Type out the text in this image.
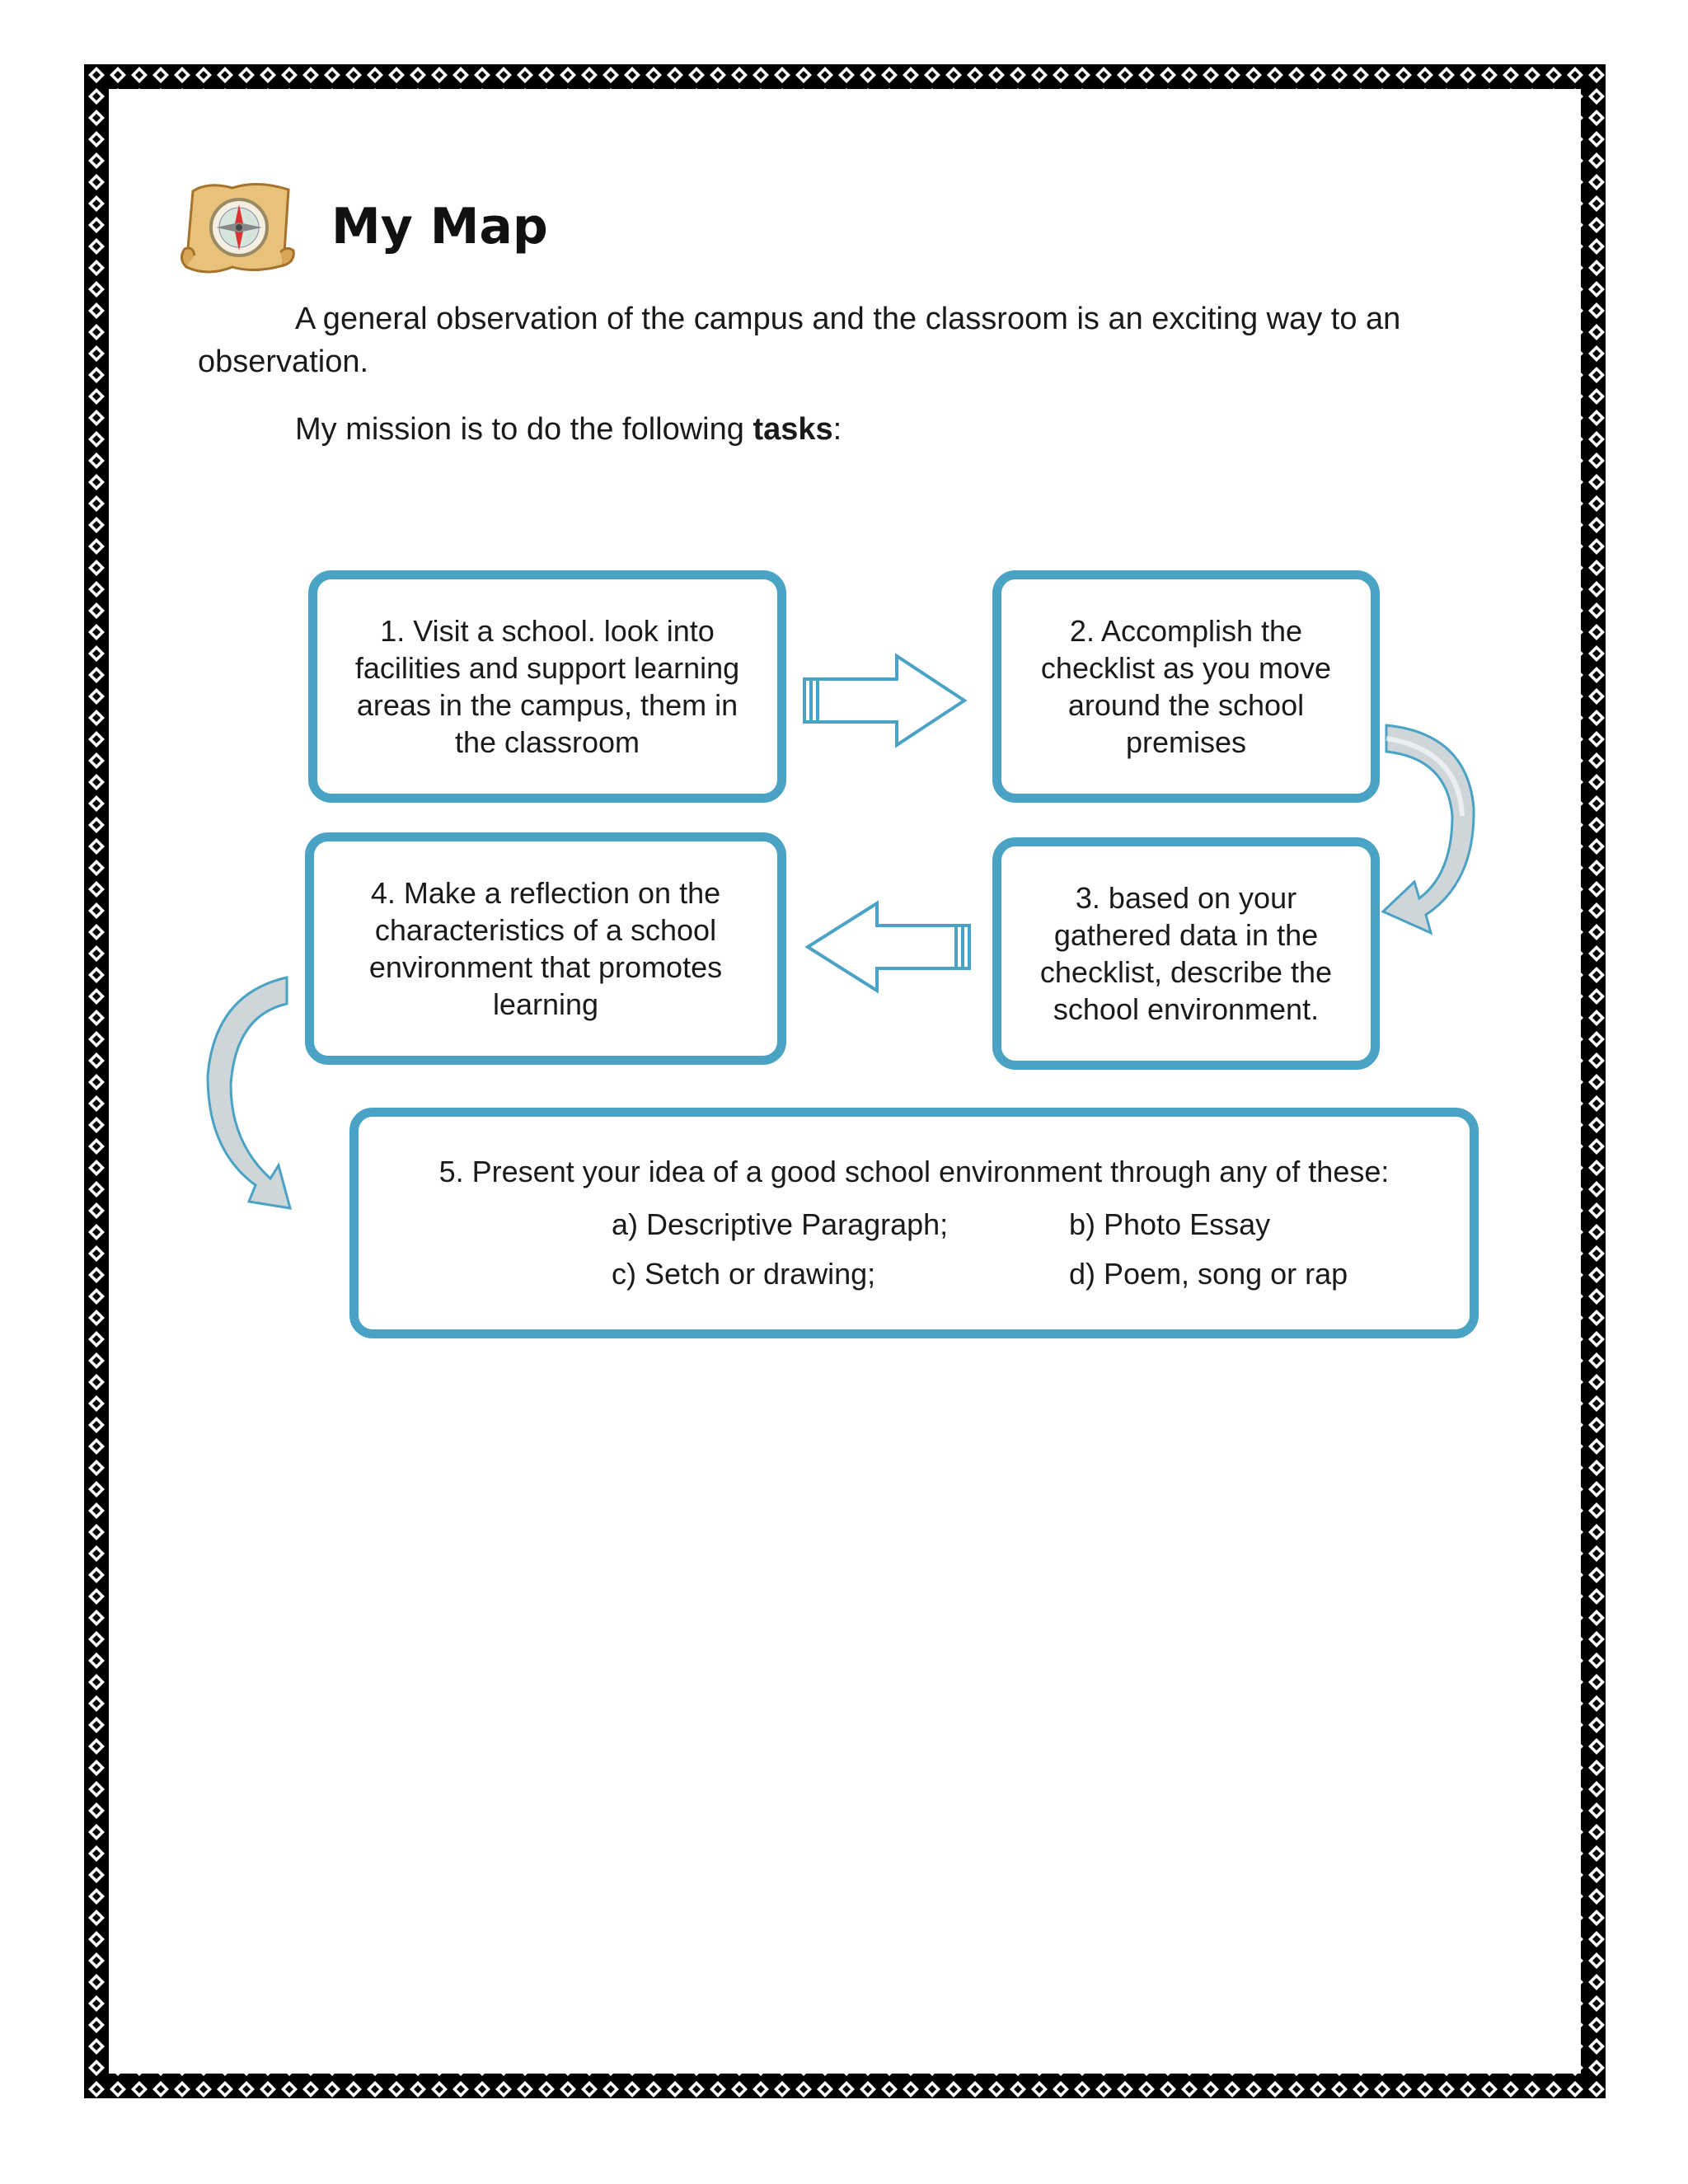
My Map
A general observation of the campus and the classroom is an exciting way to an
observation.
My mission is to do the following tasks:
1. Visit a school. look into
facilities and support learning
areas in the campus, them in
the classroom
2. Accomplish the
checklist as you move
around the school
premises
3. based on your
gathered data in the
checklist, describe the
school environment.
4. Make a reflection on the
characteristics of a school
environment that promotes
learning
5. Present your idea of a good school environment through any of these:
a) Descriptive Paragraph;	b) Photo Essay
c) Setch or drawing;	d) Poem, song or rap
